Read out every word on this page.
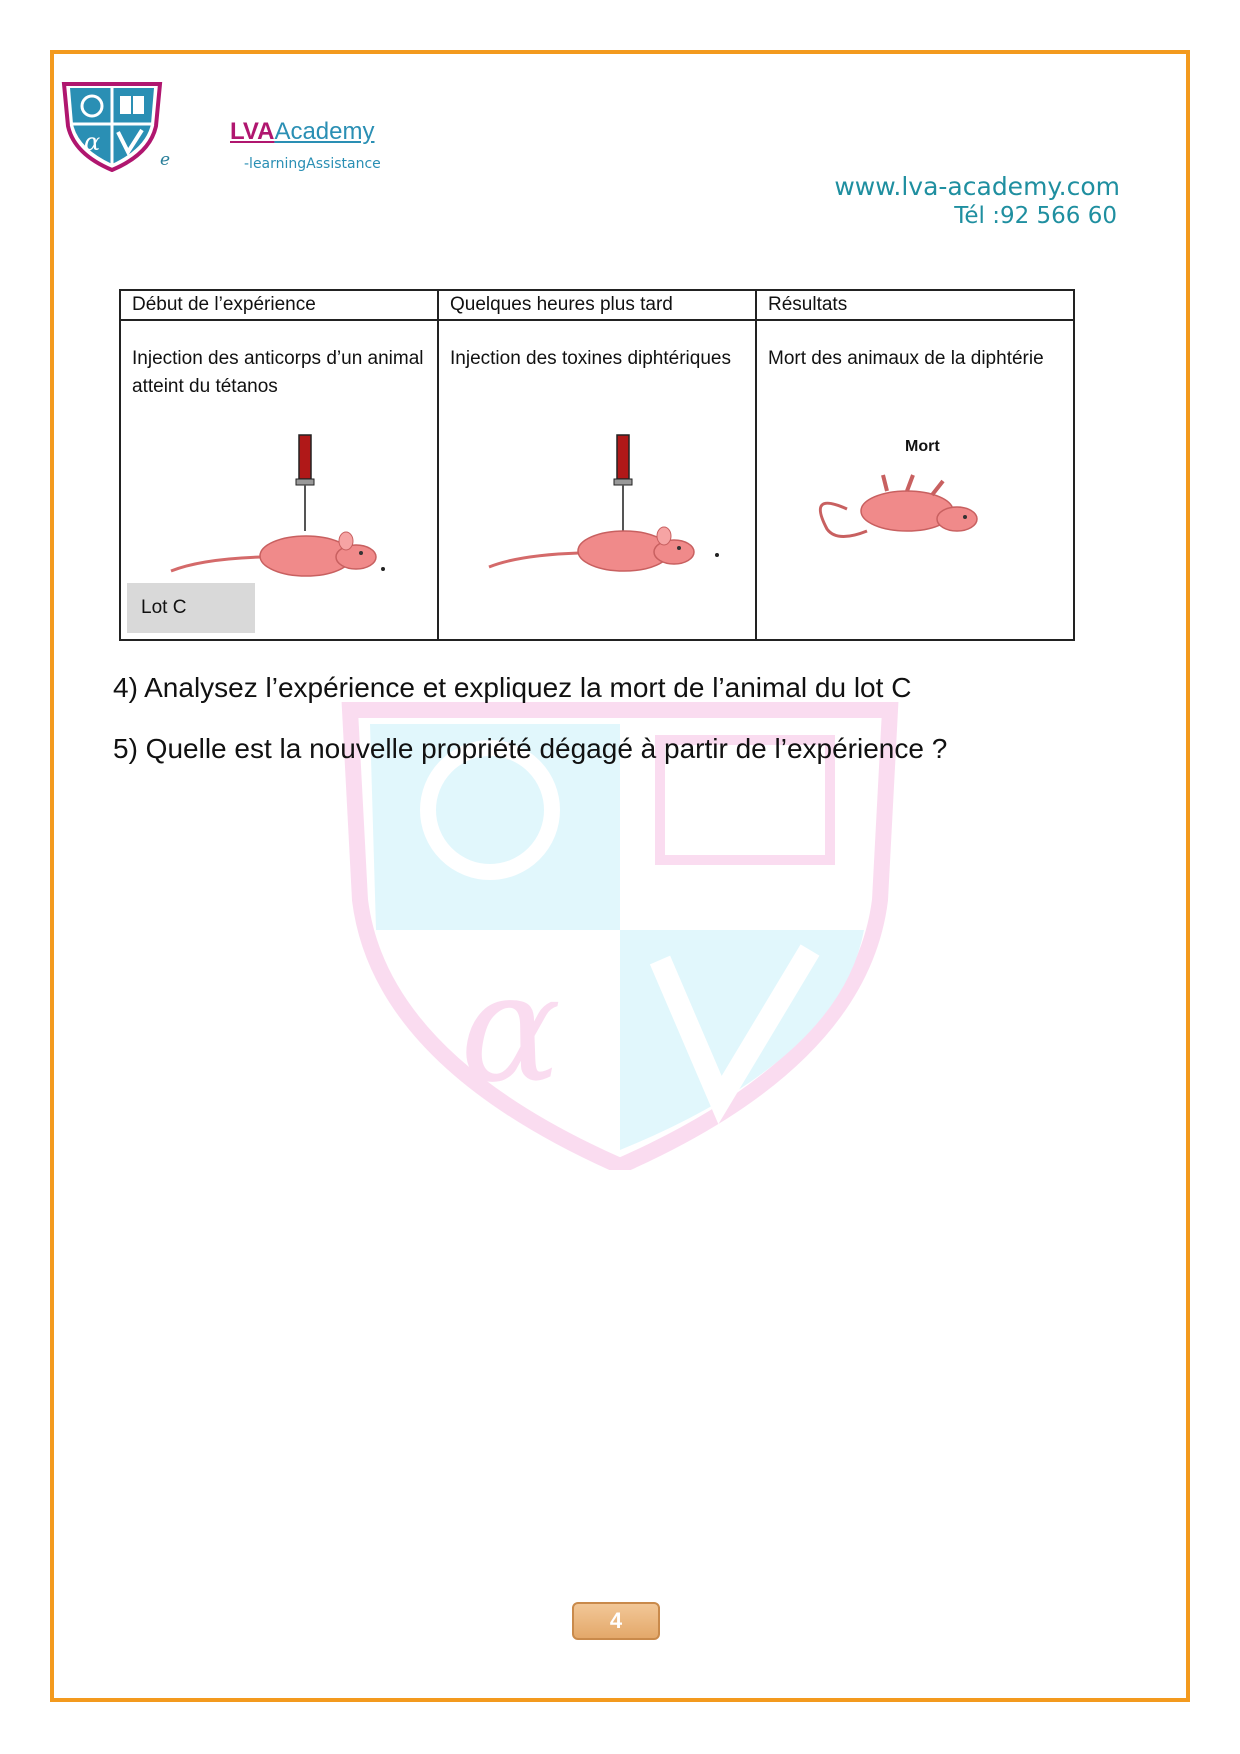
α
e
LVAAcademy
-learningAssistance
www.lva-academy.com
Tél :92 566 60
α
Début de l’expérience
Injection des anticorps d’un animal atteint du tétanos
Lot C
Quelques heures plus tard
Injection des toxines diphtériques
Résultats
Mort des animaux de la diphtérie
Mort
4) Analysez l’expérience et expliquez la mort de l’animal du lot C
5) Quelle est la nouvelle propriété dégagé à partir de l’expérience ?
4
